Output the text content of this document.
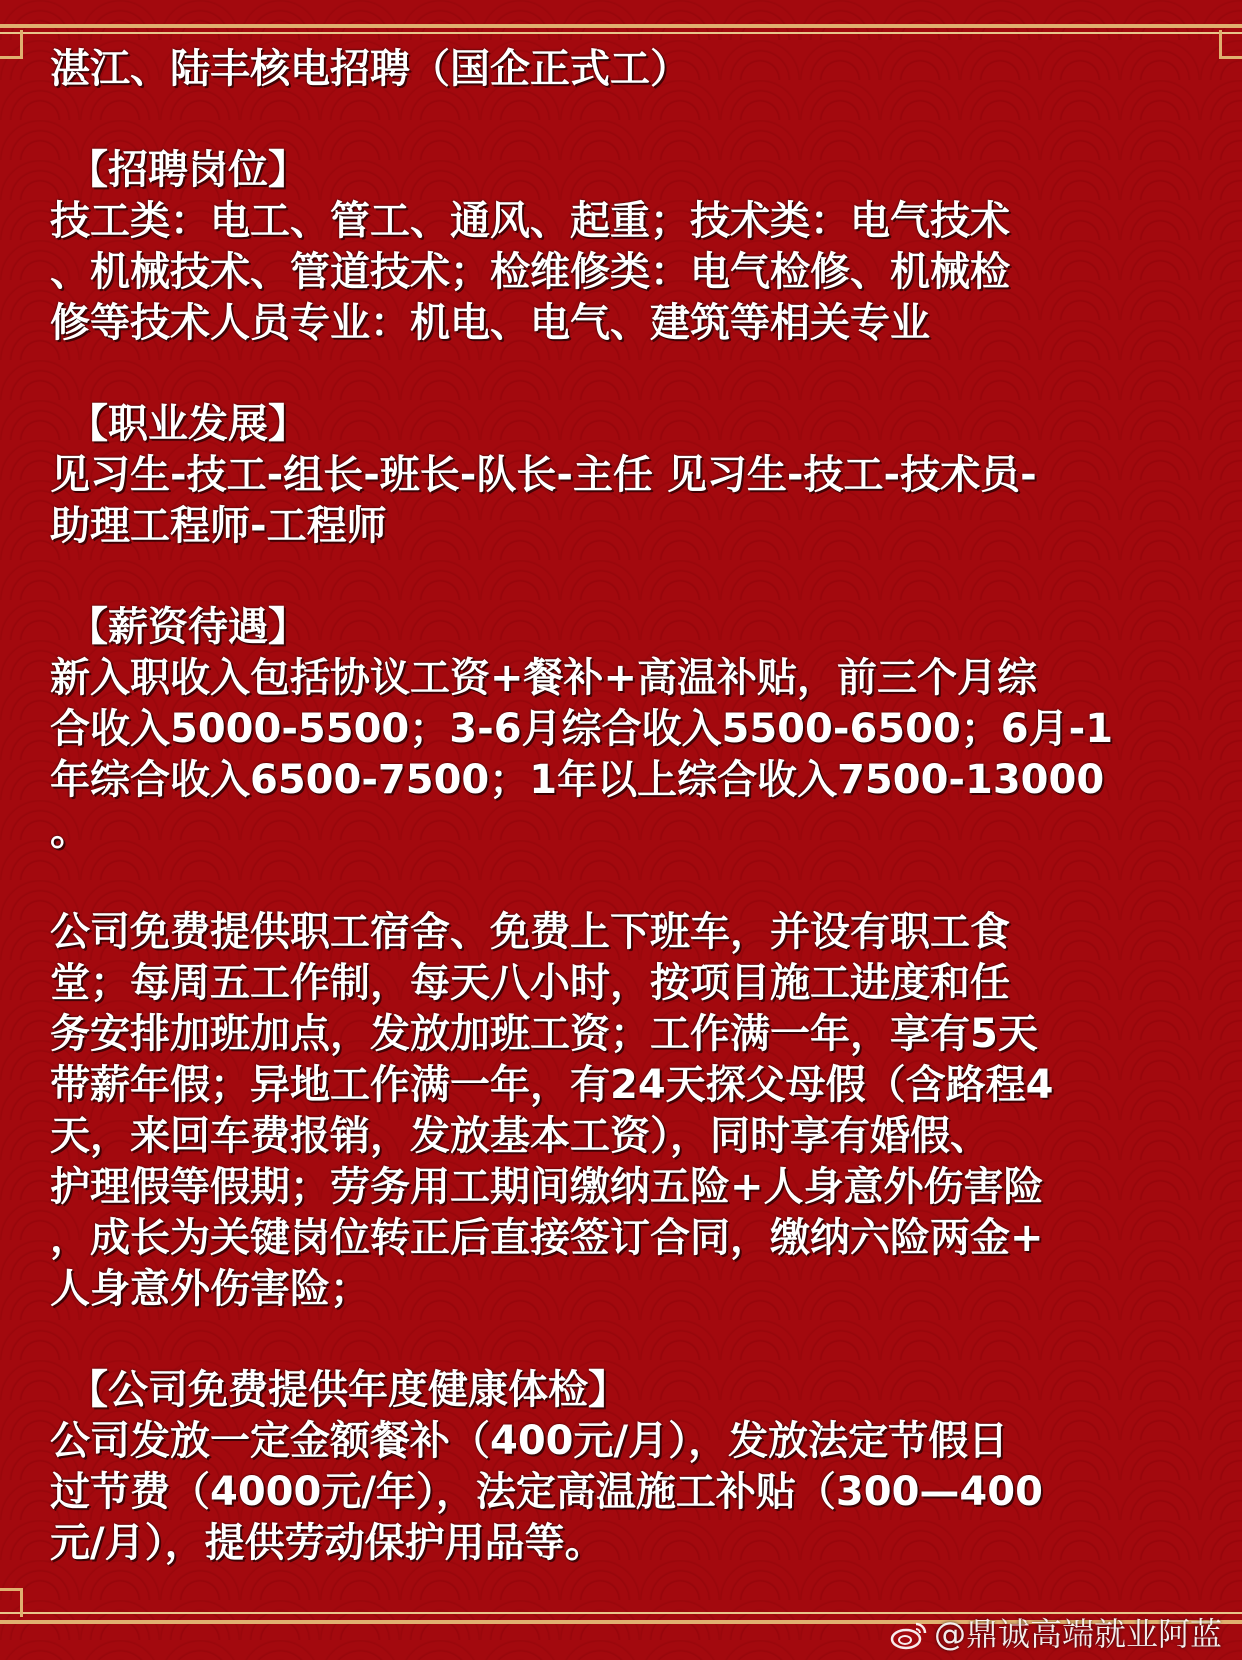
湛江、陆丰核电招聘（国企正式工）

【招聘岗位】

技工类：电工、管工、通风、起重；技术类：电气技术

、机械技术、管道技术；检维修类：电气检修、机械检

修等技术人员专业：机电、电气、建筑等相关专业

【职业发展】

见习生-技工-组长-班长-队长-主任 见习生-技工-技术员-

助理工程师-工程师

【薪资待遇】

新入职收入包括协议工资+餐补+高温补贴，前三个月综

合收入5000-5500；3-6月综合收入5500-6500；6月-1

年综合收入6500-7500；1年以上综合收入7500-13000

。

公司免费提供职工宿舍、免费上下班车，并设有职工食

堂；每周五工作制，每天八小时，按项目施工进度和任

务安排加班加点，发放加班工资；工作满一年，享有5天

带薪年假；异地工作满一年，有24天探父母假（含路程4

天，来回车费报销，发放基本工资），同时享有婚假、

护理假等假期；劳务用工期间缴纳五险+人身意外伤害险

，成长为关键岗位转正后直接签订合同，缴纳六险两金+

人身意外伤害险；

【公司免费提供年度健康体检】

公司发放一定金额餐补（400元/月），发放法定节假日

过节费（4000元/年），法定高温施工补贴（300—400

元/月），提供劳动保护用品等。

@鼎诚高端就业阿蓝
